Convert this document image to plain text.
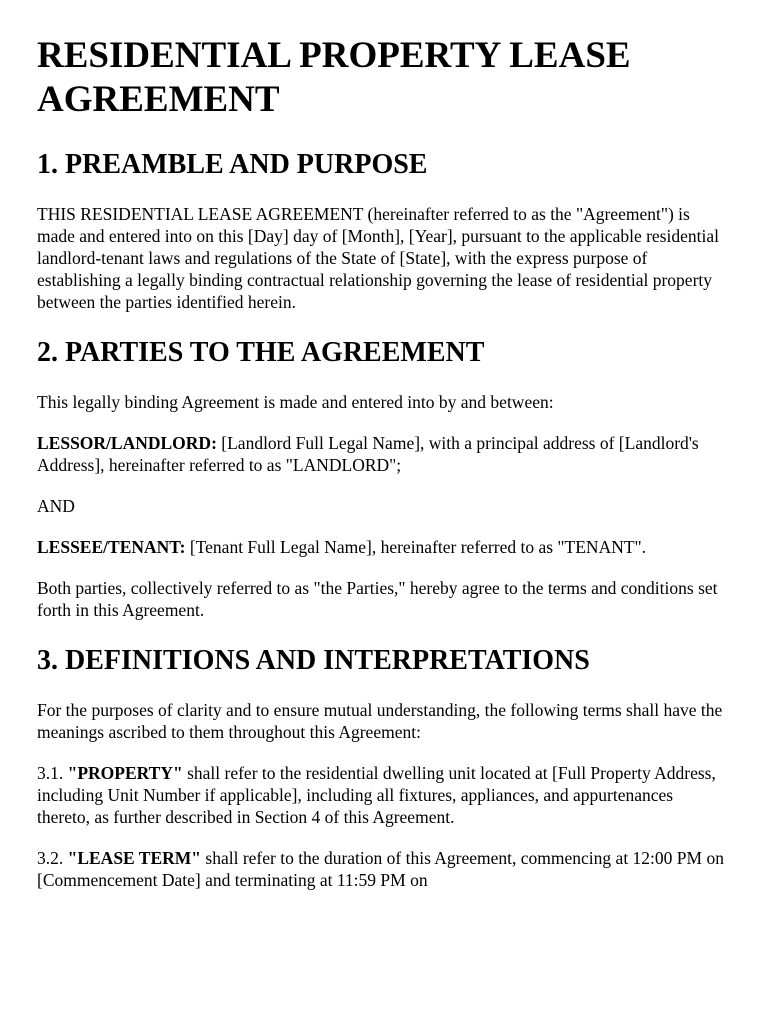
RESIDENTIAL PROPERTY LEASE AGREEMENT
1. PREAMBLE AND PURPOSE

THIS RESIDENTIAL LEASE AGREEMENT (hereinafter referred to as the "Agreement") is made and entered into on this [Day] day of [Month], [Year], pursuant to the applicable residential landlord-tenant laws and regulations of the State of [State], with the express purpose of establishing a legally binding contractual relationship governing the lease of residential property between the parties identified herein.

2. PARTIES TO THE AGREEMENT

This legally binding Agreement is made and entered into by and between:

LESSOR/LANDLORD: [Landlord Full Legal Name], with a principal address of [Landlord's Address], hereinafter referred to as "LANDLORD";

AND

LESSEE/TENANT: [Tenant Full Legal Name], hereinafter referred to as "TENANT".

Both parties, collectively referred to as "the Parties," hereby agree to the terms and conditions set forth in this Agreement.

3. DEFINITIONS AND INTERPRETATIONS

For the purposes of clarity and to ensure mutual understanding, the following terms shall have the meanings ascribed to them throughout this Agreement:

3.1. "PROPERTY" shall refer to the residential dwelling unit located at [Full Property Address, including Unit Number if applicable], including all fixtures, appliances, and appurtenances thereto, as further described in Section 4 of this Agreement.

3.2. "LEASE TERM" shall refer to the duration of this Agreement, commencing at 12:00 PM on [Commencement Date] and terminating at 11:59 PM on
